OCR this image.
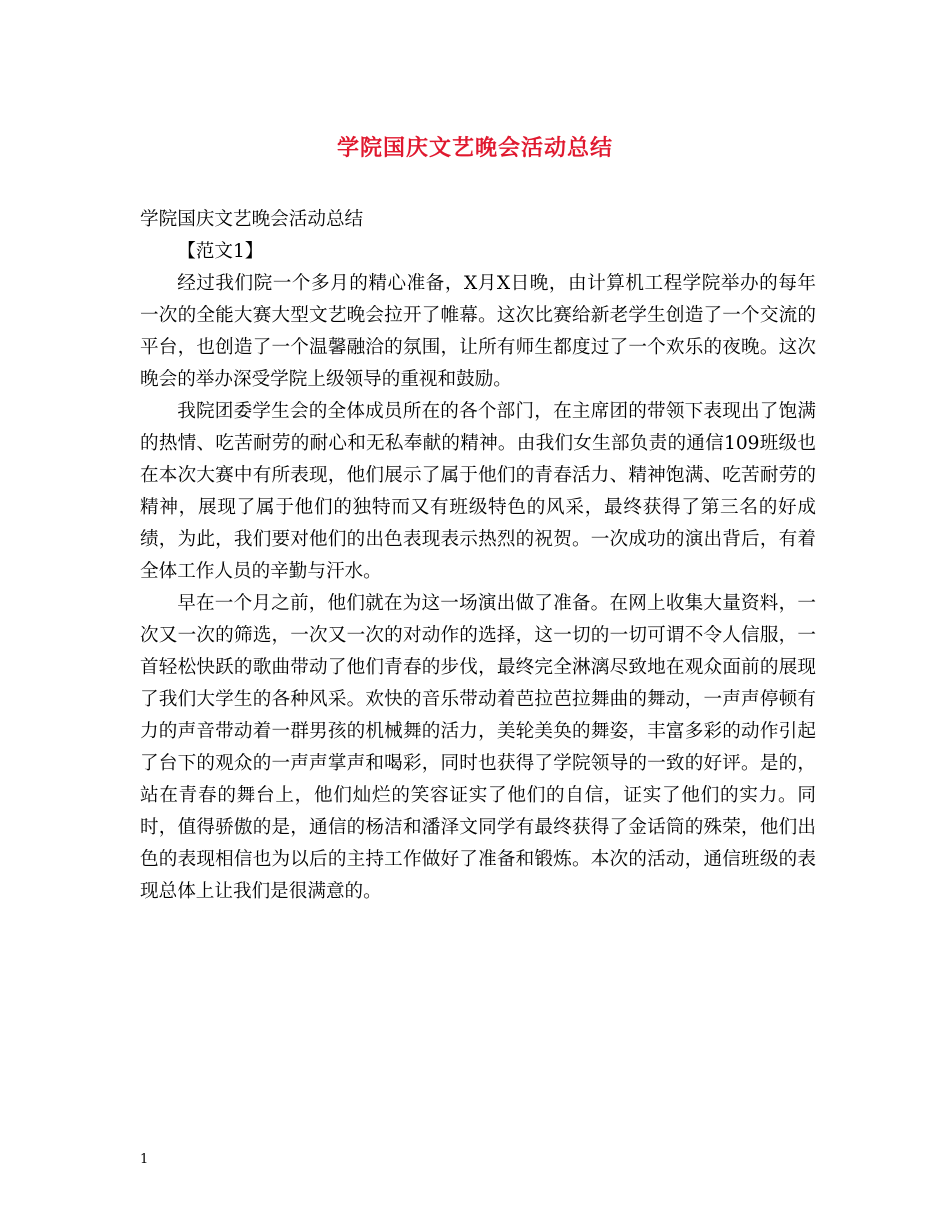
学院国庆文艺晚会活动总结

学院国庆文艺晚会活动总结

【范文1】

经过我们院一个多月的精心准备，X月X日晚，由计算机工程学院举办的每年一次的全能大赛大型文艺晚会拉开了帷幕。这次比赛给新老学生创造了一个交流的平台，也创造了一个温馨融洽的氛围，让所有师生都度过了一个欢乐的夜晚。这次晚会的举办深受学院上级领导的重视和鼓励。

我院团委学生会的全体成员所在的各个部门，在主席团的带领下表现出了饱满的热情、吃苦耐劳的耐心和无私奉献的精神。由我们女生部负责的通信109班级也在本次大赛中有所表现，他们展示了属于他们的青春活力、精神饱满、吃苦耐劳的精神，展现了属于他们的独特而又有班级特色的风采，最终获得了第三名的好成绩，为此，我们要对他们的出色表现表示热烈的祝贺。一次成功的演出背后，有着全体工作人员的辛勤与汗水。

早在一个月之前，他们就在为这一场演出做了准备。在网上收集大量资料，一次又一次的筛选，一次又一次的对动作的选择，这一切的一切可谓不令人信服，一首轻松快跃的歌曲带动了他们青春的步伐，最终完全淋漓尽致地在观众面前的展现了我们大学生的各种风采。欢快的音乐带动着芭拉芭拉舞曲的舞动，一声声停顿有力的声音带动着一群男孩的机械舞的活力，美轮美奂的舞姿，丰富多彩的动作引起了台下的观众的一声声掌声和喝彩，同时也获得了学院领导的一致的好评。是的，站在青春的舞台上，他们灿烂的笑容证实了他们的自信，证实了他们的实力。同时，值得骄傲的是，通信的杨洁和潘泽文同学有最终获得了金话筒的殊荣，他们出色的表现相信也为以后的主持工作做好了准备和锻炼。本次的活动，通信班级的表现总体上让我们是很满意的。

1
